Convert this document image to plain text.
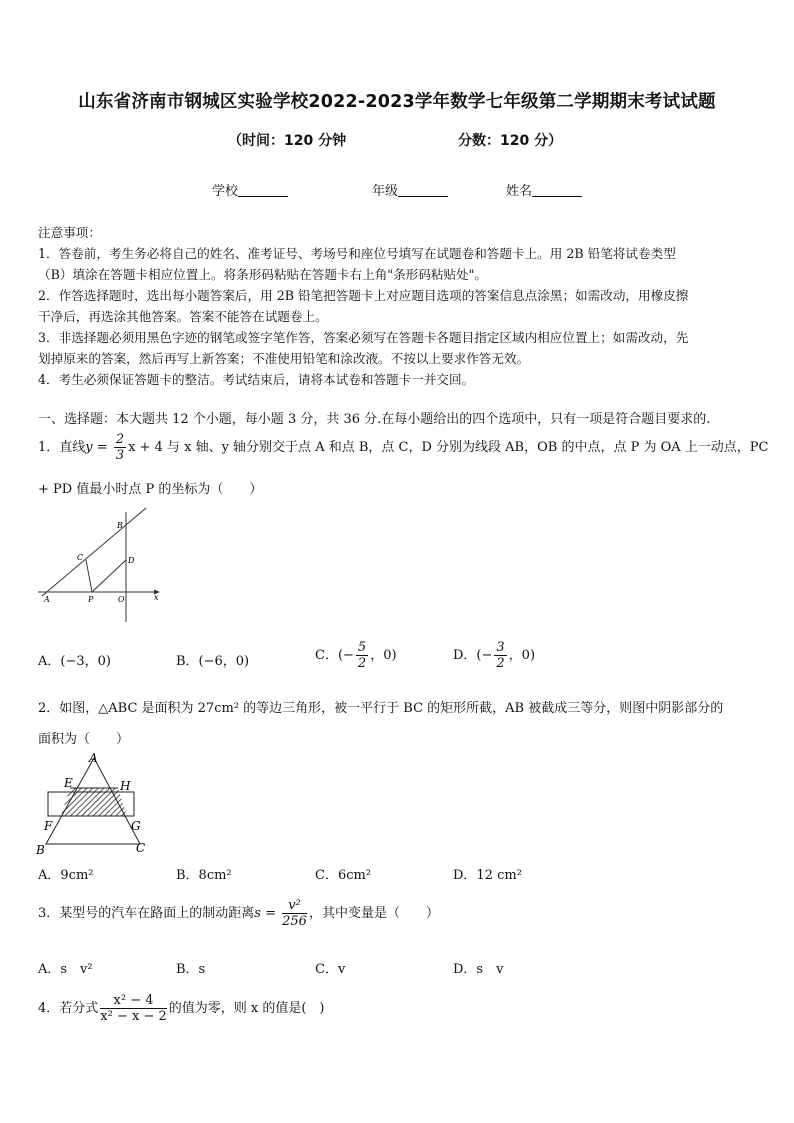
山东省济南市钢城区实验学校2022-2023学年数学七年级第二学期期末考试试题
（时间：120 分钟	分数：120 分）
学校	年级	姓名
注意事项：
1．答卷前，考生务必将自己的姓名、准考证号、考场号和座位号填写在试题卷和答题卡上。用 2B 铅笔将试卷类型
（B）填涂在答题卡相应位置上。将条形码粘贴在答题卡右上角"条形码粘贴处"。
2．作答选择题时，选出每小题答案后，用 2B 铅笔把答题卡上对应题目选项的答案信息点涂黑；如需改动，用橡皮擦
干净后，再选涂其他答案。答案不能答在试题卷上。
3．非选择题必须用黑色字迹的钢笔或签字笔作答，答案必须写在答题卡各题目指定区域内相应位置上；如需改动，先
划掉原来的答案，然后再写上新答案；不准使用铅笔和涂改液。不按以上要求作答无效。
4．考生必须保证答题卡的整洁。考试结束后，请将本试卷和答题卡一并交回。
一、选择题：本大题共 12 个小题，每小题 3 分，共 36 分.在每小题给出的四个选项中，只有一项是符合题目要求的.
1．直线$y = \frac{2}{3}$ x + 4 与 x 轴、y 轴分别交于点 A 和点 B，点 C，D 分别为线段 AB，OB 的中点，点 P 为 OA 上一动点，PC
+ PD 值最小时点 P 的坐标为（　　）
A	P	O	x
B
C	D
A．(−3，0)	B．(−6，0)	C．(− $\frac{5}{2}$ ，0)	D．(− $\frac{3}{2}$ ，0)
2．如图，△ABC 是面积为 27cm² 的等边三角形，被一平行于 BC 的矩形所截，AB 被截成三等分，则图中阴影部分的
面积为（　　）
A
E	H
F	G
B	C
A．9cm²	B．8cm²	C．6cm²	D．12 cm²
3．某型号的汽车在路面上的制动距离$s = \frac{\text{v²}}{256}$ ，其中变量是（　　）
A．s　v²	B．s	C．v	D．s　v
4．若分式 $\frac{\text{x² − 4}}{\text{x² − x − 2}}$ 的值为零，则 x 的值是(　)
